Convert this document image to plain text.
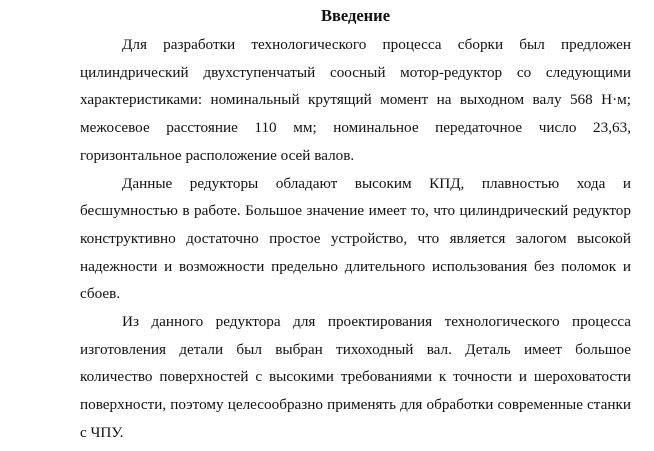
Введение

Для разработки технологического процесса сборки был предложен цилиндрический двухступенчатый соосный мотор-редуктор со следующими характеристиками: номинальный крутящий момент на выходном валу 568 Н·м; межосевое расстояние 110 мм; номинальное передаточное число 23,63, горизонтальное расположение осей валов.

Данные редукторы обладают высоким КПД, плавностью хода и бесшумностью в работе. Большое значение имеет то, что цилиндрический редуктор конструктивно достаточно простое устройство, что является залогом высокой надежности и возможности предельно длительного использования без поломок и сбоев.

Из данного редуктора для проектирования технологического процесса изготовления детали был выбран тихоходный вал. Деталь имеет большое количество поверхностей с высокими требованиями к точности и шероховатости поверхности, поэтому целесообразно применять для обработки современные станки с ЧПУ.
